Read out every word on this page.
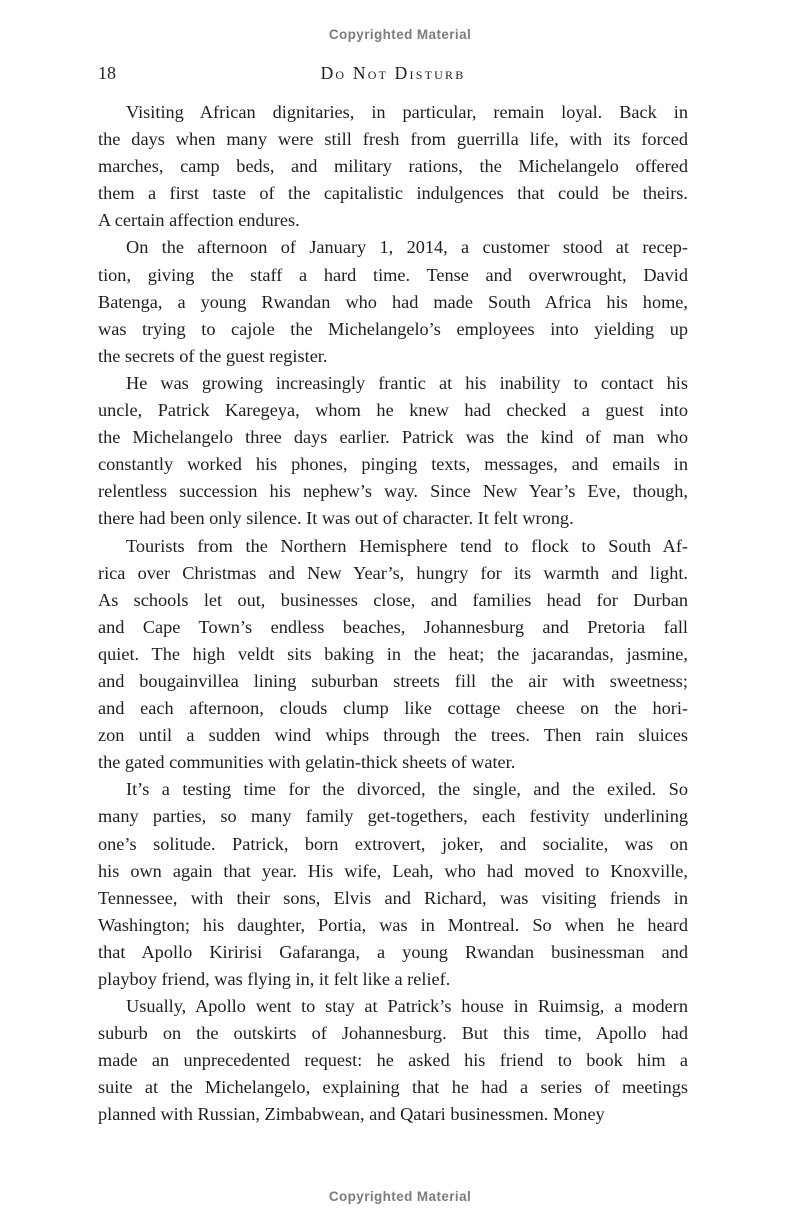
Copyrighted Material
18	Do Not Disturb
Visiting African dignitaries, in particular, remain loyal. Back in
the days when many were still fresh from guerrilla life, with its forced
marches, camp beds, and military rations, the Michelangelo offered
them a first taste of the capitalistic indulgences that could be theirs.
A certain affection endures.
On the afternoon of January 1, 2014, a customer stood at recep-
tion, giving the staff a hard time. Tense and overwrought, David
Batenga, a young Rwandan who had made South Africa his home,
was trying to cajole the Michelangelo’s employees into yielding up
the secrets of the guest register.
He was growing increasingly frantic at his inability to contact his
uncle, Patrick Karegeya, whom he knew had checked a guest into
the Michelangelo three days earlier. Patrick was the kind of man who
constantly worked his phones, pinging texts, messages, and emails in
relentless succession his nephew’s way. Since New Year’s Eve, though,
there had been only silence. It was out of character. It felt wrong.
Tourists from the Northern Hemisphere tend to flock to South Af-
rica over Christmas and New Year’s, hungry for its warmth and light.
As schools let out, businesses close, and families head for Durban
and Cape Town’s endless beaches, Johannesburg and Pretoria fall
quiet. The high veldt sits baking in the heat; the jacarandas, jasmine,
and bougainvillea lining suburban streets fill the air with sweetness;
and each afternoon, clouds clump like cottage cheese on the hori-
zon until a sudden wind whips through the trees. Then rain sluices
the gated communities with gelatin-thick sheets of water.
It’s a testing time for the divorced, the single, and the exiled. So
many parties, so many family get-togethers, each festivity underlining
one’s solitude. Patrick, born extrovert, joker, and socialite, was on
his own again that year. His wife, Leah, who had moved to Knoxville,
Tennessee, with their sons, Elvis and Richard, was visiting friends in
Washington; his daughter, Portia, was in Montreal. So when he heard
that Apollo Kiririsi Gafaranga, a young Rwandan businessman and
playboy friend, was flying in, it felt like a relief.
Usually, Apollo went to stay at Patrick’s house in Ruimsig, a modern
suburb on the outskirts of Johannesburg. But this time, Apollo had
made an unprecedented request: he asked his friend to book him a
suite at the Michelangelo, explaining that he had a series of meetings
planned with Russian, Zimbabwean, and Qatari businessmen. Money
Copyrighted Material
